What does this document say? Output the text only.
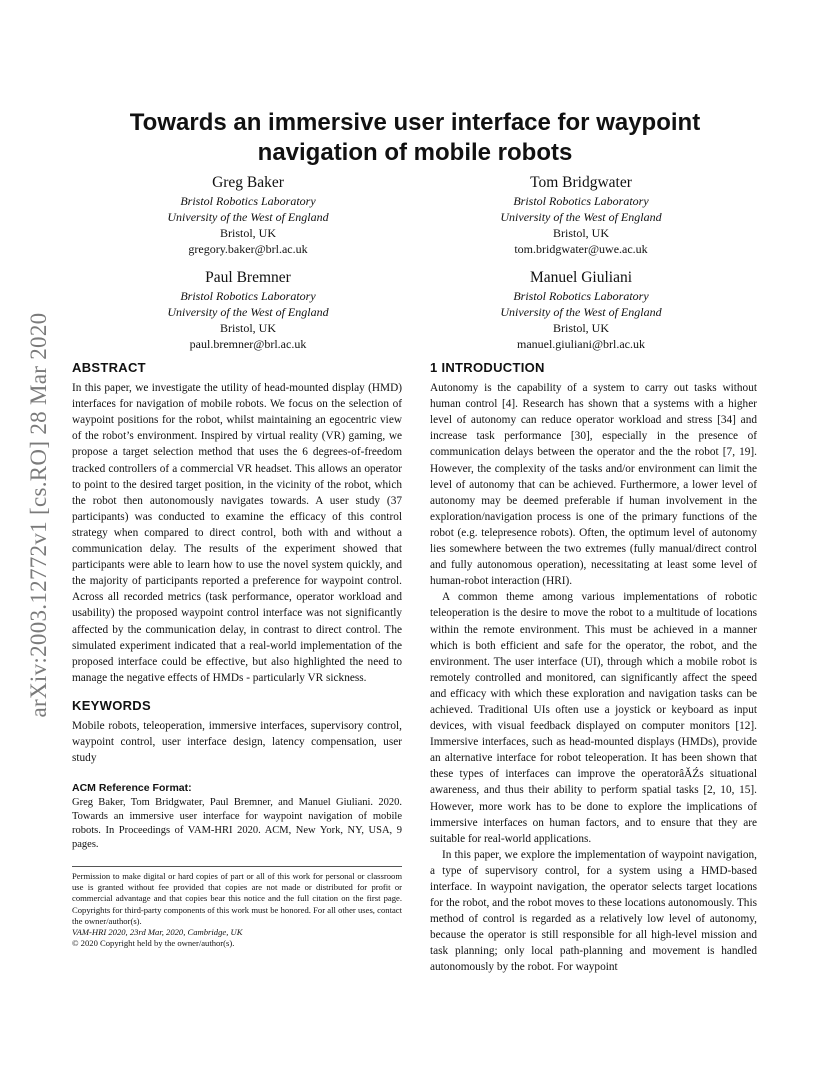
arXiv:2003.12772v1 [cs.RO] 28 Mar 2020
Towards an immersive user interface for waypoint navigation of mobile robots
Greg Baker
Bristol Robotics Laboratory
University of the West of England
Bristol, UK
gregory.baker@brl.ac.uk
Tom Bridgwater
Bristol Robotics Laboratory
University of the West of England
Bristol, UK
tom.bridgwater@uwe.ac.uk
Paul Bremner
Bristol Robotics Laboratory
University of the West of England
Bristol, UK
paul.bremner@brl.ac.uk
Manuel Giuliani
Bristol Robotics Laboratory
University of the West of England
Bristol, UK
manuel.giuliani@brl.ac.uk
ABSTRACT

In this paper, we investigate the utility of head-mounted display (HMD) interfaces for navigation of mobile robots. We focus on the selection of waypoint positions for the robot, whilst maintaining an egocentric view of the robot’s environment. Inspired by virtual reality (VR) gaming, we propose a target selection method that uses the 6 degrees-of-freedom tracked controllers of a commercial VR headset. This allows an operator to point to the desired target position, in the vicinity of the robot, which the robot then autonomously navigates towards. A user study (37 participants) was conducted to examine the efficacy of this control strategy when compared to direct control, both with and without a communication delay. The results of the experiment showed that participants were able to learn how to use the novel system quickly, and the majority of participants reported a preference for waypoint control. Across all recorded metrics (task performance, operator workload and usability) the proposed waypoint control interface was not significantly affected by the communication delay, in contrast to direct control. The simulated experiment indicated that a real-world implementation of the proposed interface could be effective, but also highlighted the need to manage the negative effects of HMDs - particularly VR sickness.

KEYWORDS

Mobile robots, teleoperation, immersive interfaces, supervisory control, waypoint control, user interface design, latency compensation, user study

ACM Reference Format:

Greg Baker, Tom Bridgwater, Paul Bremner, and Manuel Giuliani. 2020. Towards an immersive user interface for waypoint navigation of mobile robots. In Proceedings of VAM-HRI 2020. ACM, New York, NY, USA, 9 pages.

Permission to make digital or hard copies of part or all of this work for personal or classroom use is granted without fee provided that copies are not made or distributed for profit or commercial advantage and that copies bear this notice and the full citation on the first page. Copyrights for third-party components of this work must be honored. For all other uses, contact the owner/author(s).
VAM-HRI 2020, 23rd Mar, 2020, Cambridge, UK
© 2020 Copyright held by the owner/author(s).
1 INTRODUCTION

Autonomy is the capability of a system to carry out tasks without human control [4]. Research has shown that a systems with a higher level of autonomy can reduce operator workload and stress [34] and increase task performance [30], especially in the presence of communication delays between the operator and the the robot [7, 19]. However, the complexity of the tasks and/or environment can limit the level of autonomy that can be achieved. Furthermore, a lower level of autonomy may be deemed preferable if human involvement in the exploration/navigation process is one of the primary functions of the robot (e.g. telepresence robots). Often, the optimum level of autonomy lies somewhere between the two extremes (fully manual/direct control and fully autonomous operation), necessitating at least some level of human-robot interaction (HRI).

A common theme among various implementations of robotic teleoperation is the desire to move the robot to a multitude of locations within the remote environment. This must be achieved in a manner which is both efficient and safe for the operator, the robot, and the environment. The user interface (UI), through which a mobile robot is remotely controlled and monitored, can significantly affect the speed and efficacy with which these exploration and navigation tasks can be achieved. Traditional UIs often use a joystick or keyboard as input devices, with visual feedback displayed on computer monitors [12]. Immersive interfaces, such as head-mounted displays (HMDs), provide an alternative interface for robot teleoperation. It has been shown that these types of interfaces can improve the operatorâĂŹs situational awareness, and thus their ability to perform spatial tasks [2, 10, 15]. However, more work has to be done to explore the implications of immersive interfaces on human factors, and to ensure that they are suitable for real-world applications.

In this paper, we explore the implementation of waypoint navigation, a type of supervisory control, for a system using a HMD-based interface. In waypoint navigation, the operator selects target locations for the robot, and the robot moves to these locations autonomously. This method of control is regarded as a relatively low level of autonomy, because the operator is still responsible for all high-level mission and task planning; only local path-planning and movement is handled autonomously by the robot. For waypoint
